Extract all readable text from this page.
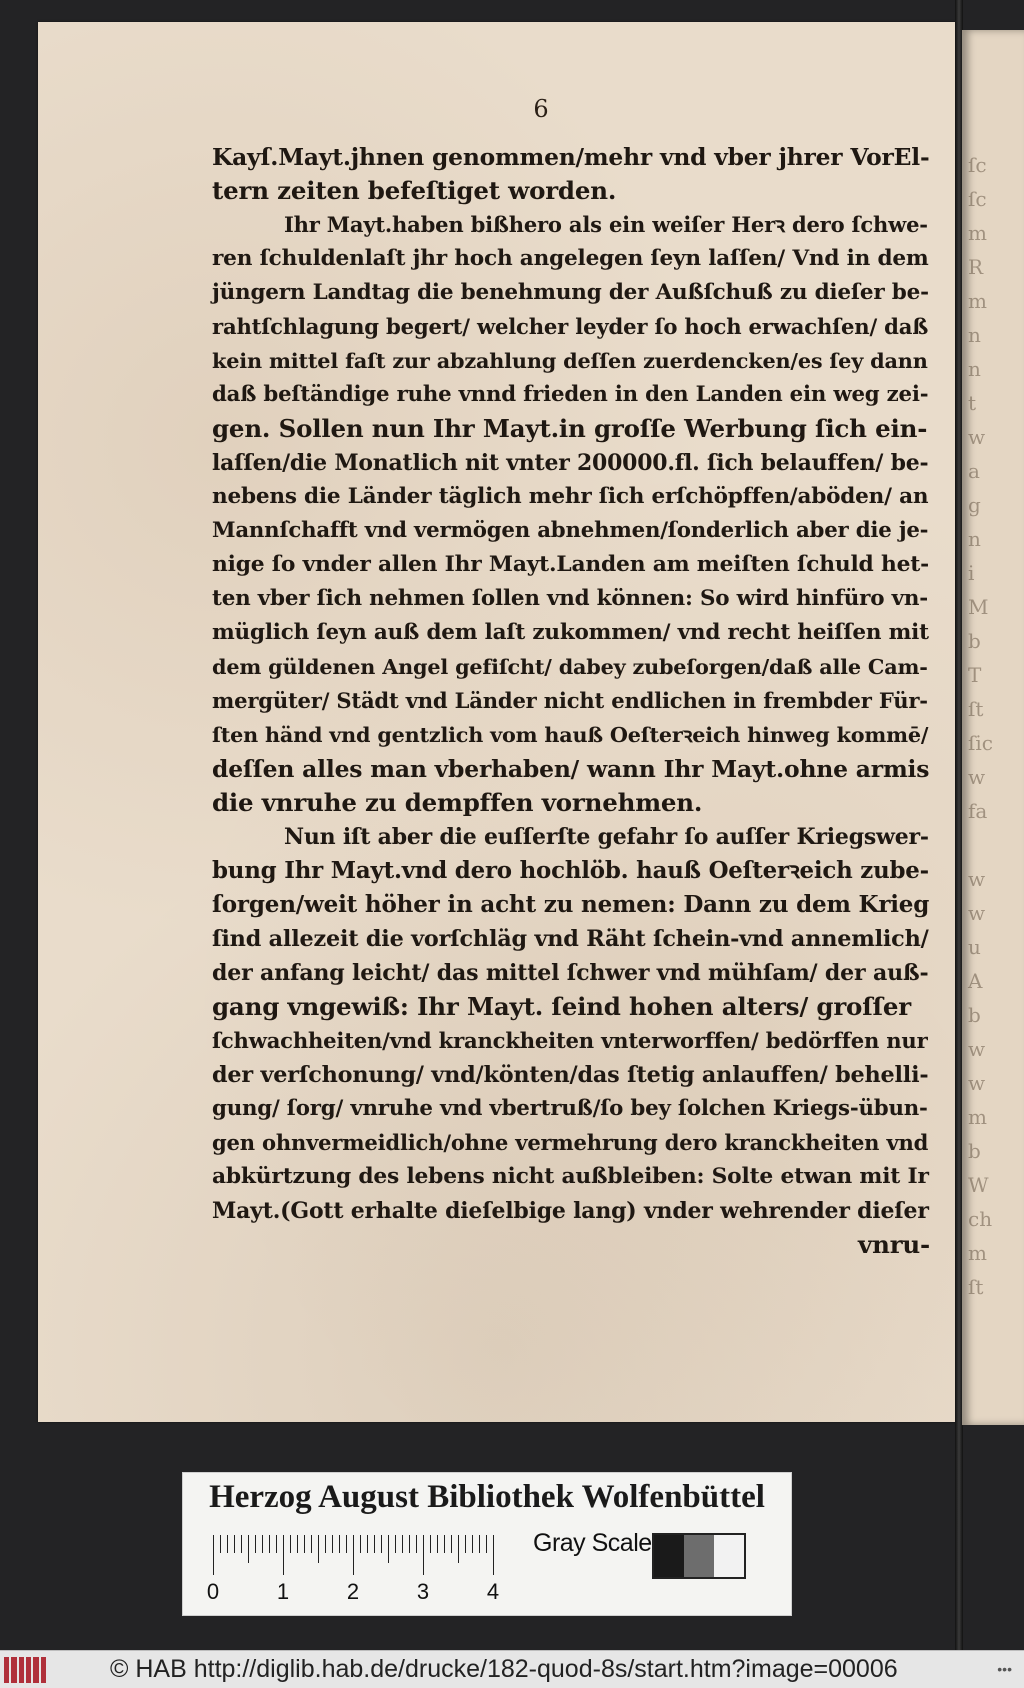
ſc
ſc
m
R
m
n
n
t
w
a
g
n
i
M
b
T
ſt
ſic
w
fa
w
w
u
A
b
w
w
m
b
W
ch
m
ſt
6
Kayſ.Mayt.jhnen genommen/mehr vnd vber jhrer VorEl-
tern zeiten befeſtiget worden.
Ihr Mayt.haben bißhero als ein weiſer Herꝛ dero ſchwe-
ren ſchuldenlaſt jhr hoch angelegen ſeyn laſſen/ Vnd in dem
jüngern Landtag die benehmung der Außſchuß zu dieſer be-
rahtſchlagung begert/ welcher leyder ſo hoch erwachſen/ daß
kein mittel faſt zur abzahlung deſſen zuerdencken/es ſey dann
daß beſtändige ruhe vnnd frieden in den Landen ein weg zei-
gen. Sollen nun Ihr Mayt.in groſſe Werbung ſich ein-
laſſen/die Monatlich nit vnter 200000.fl. ſich belauffen/ be-
nebens die Länder täglich mehr ſich erſchöpffen/aböden/ an
Mannſchafft vnd vermögen abnehmen/ſonderlich aber die je-
nige ſo vnder allen Ihr Mayt.Landen am meiſten ſchuld het-
ten vber ſich nehmen ſollen vnd können: So wird hinfüro vn-
müglich ſeyn auß dem laſt zukommen/ vnd recht heiſſen mit
dem güldenen Angel gefiſcht/ dabey zubeſorgen/daß alle Cam-
mergüter/ Städt vnd Länder nicht endlichen in frembder Für-
ſten händ vnd gentzlich vom hauß Oeſterꝛeich hinweg kommē/
deſſen alles man vberhaben/ wann Ihr Mayt.ohne armis
die vnruhe zu dempffen vornehmen.
Nun iſt aber die euſſerſte gefahr ſo auſſer Kriegswer-
bung Ihr Mayt.vnd dero hochlöb. hauß Oeſterꝛeich zube-
ſorgen/weit höher in acht zu nemen: Dann zu dem Krieg
ſind allezeit die vorſchläg vnd Räht ſchein-vnd annemlich/
der anfang leicht/ das mittel ſchwer vnd mühſam/ der auß-
gang vngewiß: Ihr Mayt. ſeind hohen alters/ groſſer
ſchwachheiten/vnd kranckheiten vnterworffen/ bedörffen nur
der verſchonung/ vnd/könten/das ſtetig anlauffen/ behelli-
gung/ ſorg/ vnruhe vnd vbertruß/ſo bey ſolchen Kriegs-übun-
gen ohnvermeidlich/ohne vermehrung dero kranckheiten vnd
abkürtzung des lebens nicht außbleiben: Solte etwan mit Ir
Mayt.(Gott erhalte dieſelbige lang) vnder wehrender dieſer
vnru-
Herzog August Bibliothek Wolfenbüttel
0	1	2	3	4
Gray Scale
© HAB http://diglib.hab.de/drucke/182-quod-8s/start.htm?image=00006	•••
